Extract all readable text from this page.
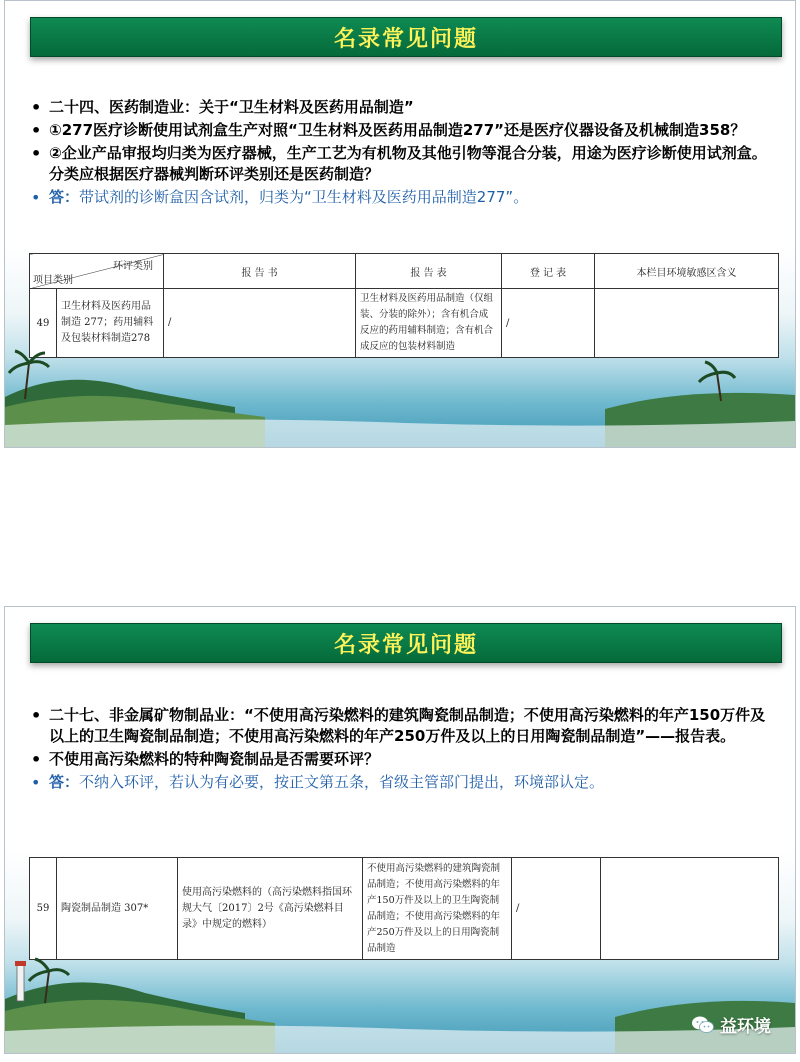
名录常见问题
• 二十四、医药制造业：关于“卫生材料及医药用品制造”
• ①277医疗诊断使用试剂盒生产对照“卫生材料及医药用品制造277”还是医疗仪器设备及机械制造358？
• ②企业产品审报均归类为医疗器械，生产工艺为有机物及其他引物等混合分装，用途为医疗诊断使用试剂盒。分类应根据医疗器械判断环评类别还是医药制造？
• 答：带试剂的诊断盒因含试剂，归类为“卫生材料及医药用品制造277”。
环评类别
项目类别		报 告 书	报 告 表	登 记 表	本栏目环境敏感区含义
49	卫生材料及医药用品制造 277；药用辅料及包装材料制造278	/	卫生材料及医药用品制造（仅组装、分装的除外）；含有机合成反应的药用辅料制造；含有机合成反应的包装材料制造	/	
名录常见问题
• 二十七、非金属矿物制品业：“不使用高污染燃料的建筑陶瓷制品制造；不使用高污染燃料的年产150万件及以上的卫生陶瓷制品制造；不使用高污染燃料的年产250万件及以上的日用陶瓷制品制造”——报告表。
• 不使用高污染燃料的特种陶瓷制品是否需要环评？
• 答：不纳入环评，若认为有必要，按正文第五条，省级主管部门提出，环境部认定。
59	陶瓷制品制造 307*	使用高污染燃料的（高污染燃料指国环规大气〔2017〕2号《高污染燃料目录》中规定的燃料）	不使用高污染燃料的建筑陶瓷制品制造；不使用高污染燃料的年产150万件及以上的卫生陶瓷制品制造；不使用高污染燃料的年产250万件及以上的日用陶瓷制品制造	/	
益环境
